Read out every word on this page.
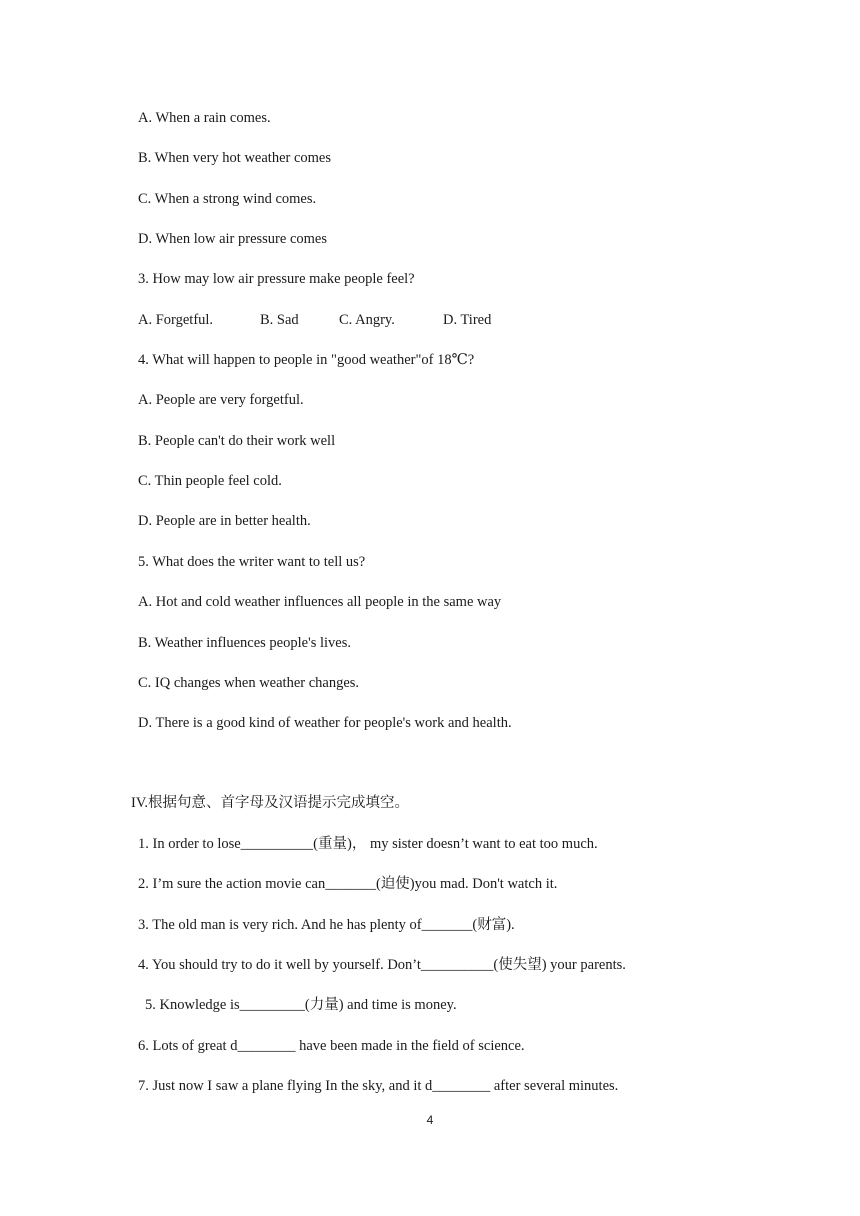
A. When a rain comes.
B. When very hot weather comes
C. When a strong wind comes.
D. When low air pressure comes
3. How may low air pressure make people feel?
A. Forgetful.	B. Sad	C. Angry.	D. Tired
4. What will happen to people in "good weather"of 18℃?
A. People are very forgetful.
B. People can't do their work well
C. Thin people feel cold.
D. People are in better health.
5. What does the writer want to tell us?
A. Hot and cold weather influences all people in the same way
B. Weather influences people's lives.
C. IQ changes when weather changes.
D. There is a good kind of weather for people's work and health.
IV.根据句意、首字母及汉语提示完成填空。
1. In order to lose__________(重量)， my sister doesn’t want to eat too much.
2. I’m sure the action movie can_______(迫使)you mad. Don't watch it.
3. The old man is very rich. And he has plenty of_______(财富).
4. You should try to do it well by yourself. Don’t__________(使失望) your parents.
5. Knowledge is_________(力量) and time is money.
6. Lots of great d________ have been made in the field of science.
7. Just now I saw a plane flying In the sky, and it d________ after several minutes.
4
